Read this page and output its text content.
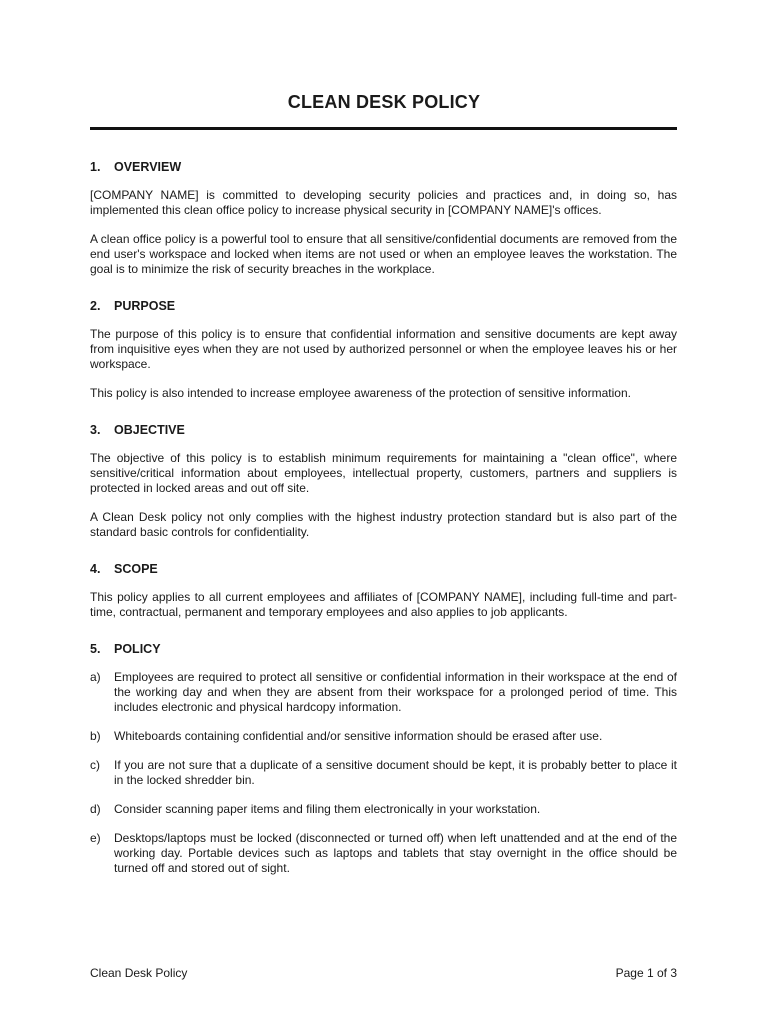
CLEAN DESK POLICY
1. OVERVIEW
[COMPANY NAME] is committed to developing security policies and practices and, in doing so, has implemented this clean office policy to increase physical security in [COMPANY NAME]'s offices.
A clean office policy is a powerful tool to ensure that all sensitive/confidential documents are removed from the end user's workspace and locked when items are not used or when an employee leaves the workstation. The goal is to minimize the risk of security breaches in the workplace.
2. PURPOSE
The purpose of this policy is to ensure that confidential information and sensitive documents are kept away from inquisitive eyes when they are not used by authorized personnel or when the employee leaves his or her workspace.
This policy is also intended to increase employee awareness of the protection of sensitive information.
3. OBJECTIVE
The objective of this policy is to establish minimum requirements for maintaining a "clean office", where sensitive/critical information about employees, intellectual property, customers, partners and suppliers is protected in locked areas and out off site.
A Clean Desk policy not only complies with the highest industry protection standard but is also part of the standard basic controls for confidentiality.
4. SCOPE
This policy applies to all current employees and affiliates of [COMPANY NAME], including full-time and part-time, contractual, permanent and temporary employees and also applies to job applicants.
5. POLICY
a)	Employees are required to protect all sensitive or confidential information in their workspace at the end of the working day and when they are absent from their workspace for a prolonged period of time. This includes electronic and physical hardcopy information.
b)	Whiteboards containing confidential and/or sensitive information should be erased after use.
c)	If you are not sure that a duplicate of a sensitive document should be kept, it is probably better to place it in the locked shredder bin.
d)	Consider scanning paper items and filing them electronically in your workstation.
e)	Desktops/laptops must be locked (disconnected or turned off) when left unattended and at the end of the working day. Portable devices such as laptops and tablets that stay overnight in the office should be turned off and stored out of sight.
Clean Desk Policy	Page 1 of 3
